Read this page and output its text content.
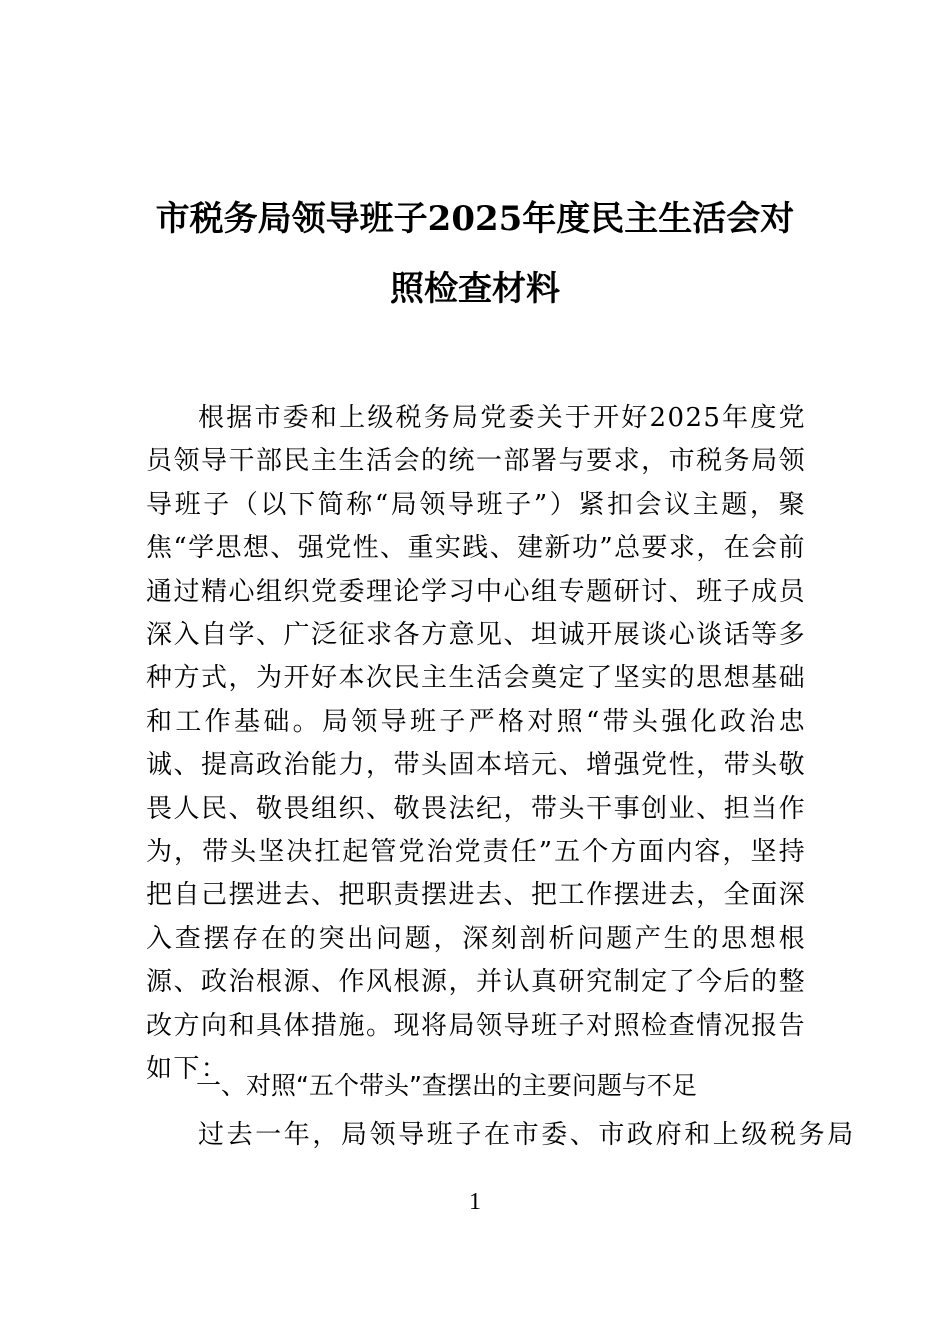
市税务局领导班子2025年度民主生活会对
照检查材料

根据市委和上级税务局党委关于开好2025年度党员领导干部民主生活会的统一部署与要求，市税务局领导班子（以下简称“局领导班子”）紧扣会议主题，聚焦“学思想、强党性、重实践、建新功”总要求，在会前通过精心组织党委理论学习中心组专题研讨、班子成员深入自学、广泛征求各方意见、坦诚开展谈心谈话等多种方式，为开好本次民主生活会奠定了坚实的思想基础和工作基础。局领导班子严格对照“带头强化政治忠诚、提高政治能力，带头固本培元、增强党性，带头敬畏人民、敬畏组织、敬畏法纪，带头干事创业、担当作为，带头坚决扛起管党治党责任”五个方面内容，坚持把自己摆进去、把职责摆进去、把工作摆进去，全面深入查摆存在的突出问题，深刻剖析问题产生的思想根源、政治根源、作风根源，并认真研究制定了今后的整改方向和具体措施。现将局领导班子对照检查情况报告如下：

一、对照“五个带头”查摆出的主要问题与不足

过去一年，局领导班子在市委、市政府和上级税务局

1
